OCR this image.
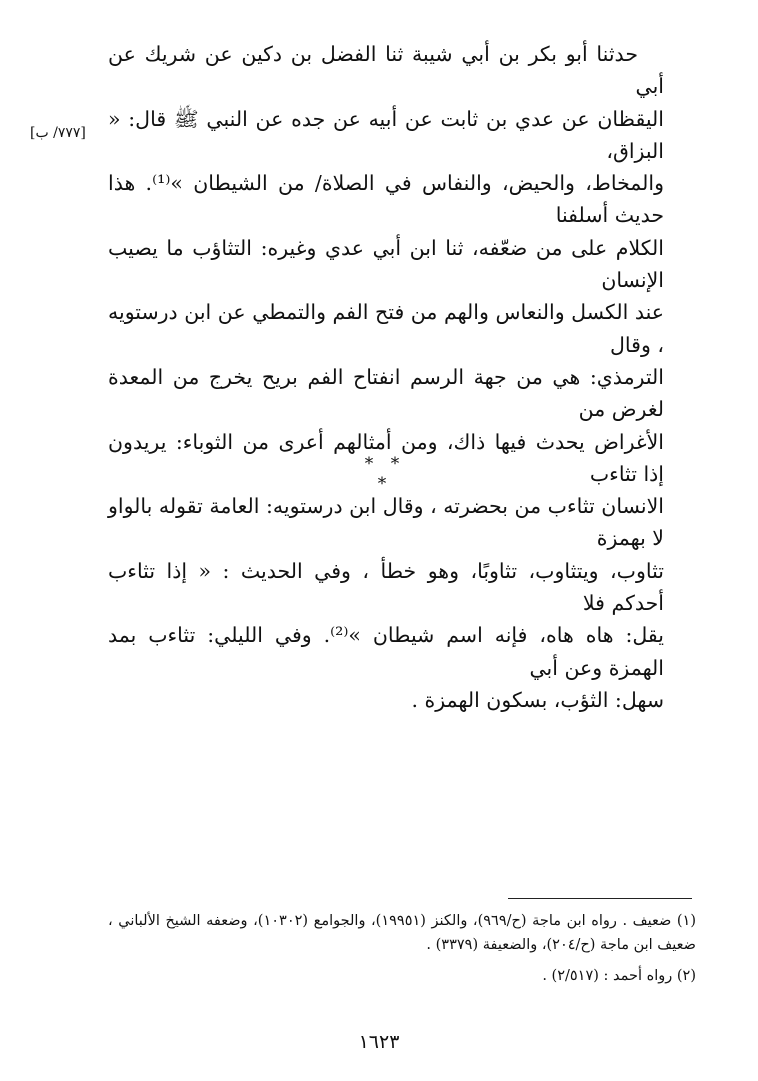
حدثنا أبو بكر بن أبي شيبة ثنا الفضل بن دكين عن شريك عن أبي
اليقظان عن عدي بن ثابت عن أبيه عن جده عن النبي ﷺ قال: « البزاق،
والمخاط، والحيض، والنفاس في الصلاة/ من الشيطان »⁽¹⁾. هذا حديث أسلفنا
الكلام على من ضعّفه، ثنا ابن أبي عدي وغيره: التثاؤب ما يصيب الإنسان
عند الكسل والنعاس والهم من فتح الفم والتمطي عن ابن درستويه ، وقال
الترمذي: هي من جهة الرسم انفتاح الفم بريح يخرج من المعدة لغرض من
الأغراض يحدث فيها ذاك، ومن أمثالهم أعرى من الثوباء: يريدون إذا تثاءب
الانسان تثاءب من بحضرته ، وقال ابن درستويه: العامة تقوله بالواو لا بهمزة
تثاوب، ويتثاوب، تثاوبًا، وهو خطأ ، وفي الحديث : « إذا تثاءب أحدكم فلا
يقل: هاه هاه، فإنه اسم شيطان »⁽²⁾. وفي الليلي: تثاءب بمد الهمزة وعن أبي
سهل: الثؤب، بسكون الهمزة .

[٧٧٧/ ب]
* * *

(١) ضعيف . رواه ابن ماجة (ح/٩٦٩)، والكنز (١٩٩٥١)، والجوامع (١٠٣٠٢)، وضعفه الشيخ الألباني ، ضعيف ابن ماجة (ح/٢٠٤)، والضعيفة (٣٣٧٩) .

(٢) رواه أحمد : (٢/٥١٧) .

١٦٢٣
